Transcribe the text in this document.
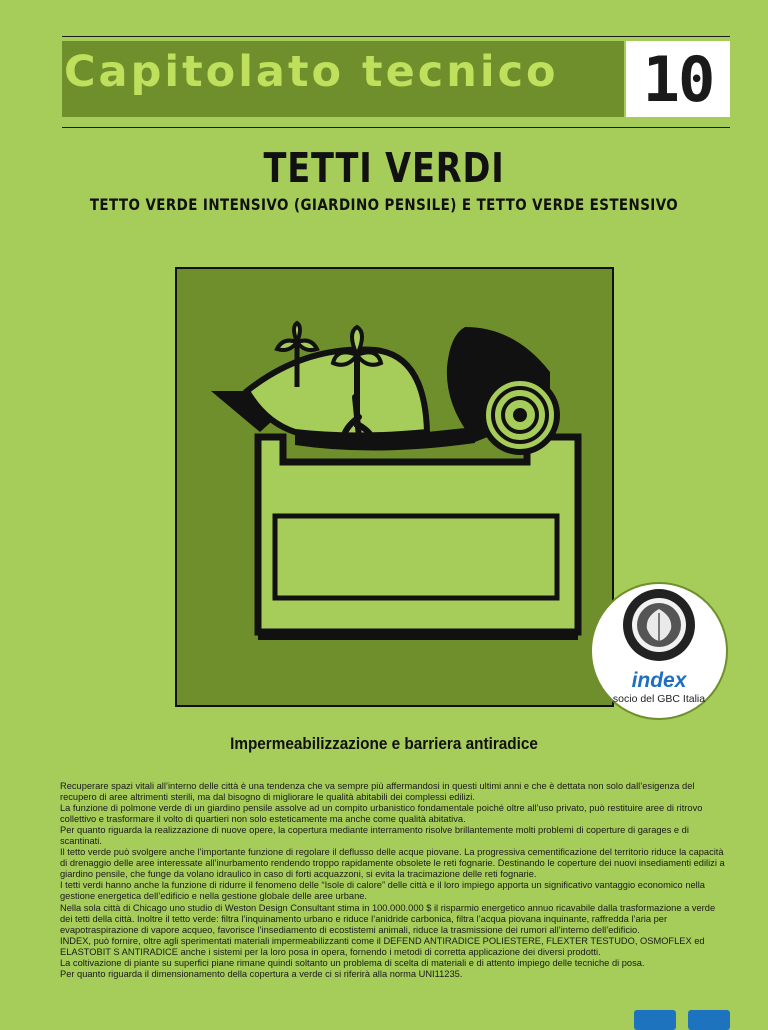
Capitolato tecnico	10
TETTI VERDI
TETTO VERDE INTENSIVO (GIARDINO PENSILE) E TETTO VERDE ESTENSIVO
index
socio del GBC Italia
Impermeabilizzazione e barriera antiradice

Recuperare spazi vitali all’interno delle città è una tendenza che va sempre più affermandosi in questi ultimi anni e che è dettata non solo dall’esigenza del recupero di aree altrimenti sterili, ma dal bisogno di migliorare le qualità abitabili dei complessi edilizi.

La funzione di polmone verde di un giardino pensile assolve ad un compito urbanistico fondamentale poiché oltre all’uso privato, può restituire aree di ritrovo collettivo e trasformare il volto di quartieri non solo esteticamente ma anche come qualità abitativa.

Per quanto riguarda la realizzazione di nuove opere, la copertura mediante interramento risolve brillantemente molti problemi di coperture di garages e di scantinati.

Il tetto verde può svolgere anche l’importante funzione di regolare il deflusso delle acque piovane. La progressiva cementificazione del territorio riduce la capacità di drenaggio delle aree interessate all’inurbamento rendendo troppo rapidamente obsolete le reti fognarie. Destinando le coperture dei nuovi insediamenti edilizi a giardino pensile, che funge da volano idraulico in caso di forti acquazzoni, si evita la tracimazione delle reti fognarie.

I tetti verdi hanno anche la funzione di ridurre il fenomeno delle “Isole di calore” delle città e il loro impiego apporta un significativo vantaggio economico nella gestione energetica dell’edificio e nella gestione globale delle aree urbane.

Nella sola città di Chicago uno studio di Weston Design Consultant stima in 100.000.000 $ il risparmio energetico annuo ricavabile dalla trasformazione a verde dei tetti della città. Inoltre il tetto verde: filtra l’inquinamento urbano e riduce l’anidride carbonica, filtra l’acqua piovana inquinante, raffredda l’aria per evapotraspirazione di vapore acqueo, favorisce l’insediamento di ecostistemi animali, riduce la trasmissione dei rumori all’interno dell’edificio.

INDEX, può fornire, oltre agli sperimentati materiali impermeabilizzanti come il DEFEND ANTIRADICE POLIESTERE, FLEXTER TESTUDO, OSMOFLEX ed ELASTOBIT S ANTIRADICE anche i sistemi per la loro posa in opera, fornendo i metodi di corretta applicazione dei diversi prodotti.

La coltivazione di piante su superfici piane rimane quindi soltanto un problema di scelta di materiali e di attento impiego delle tecniche di posa.

Per quanto riguarda il dimensionamento della copertura a verde ci si riferirà alla norma UNI11235.
